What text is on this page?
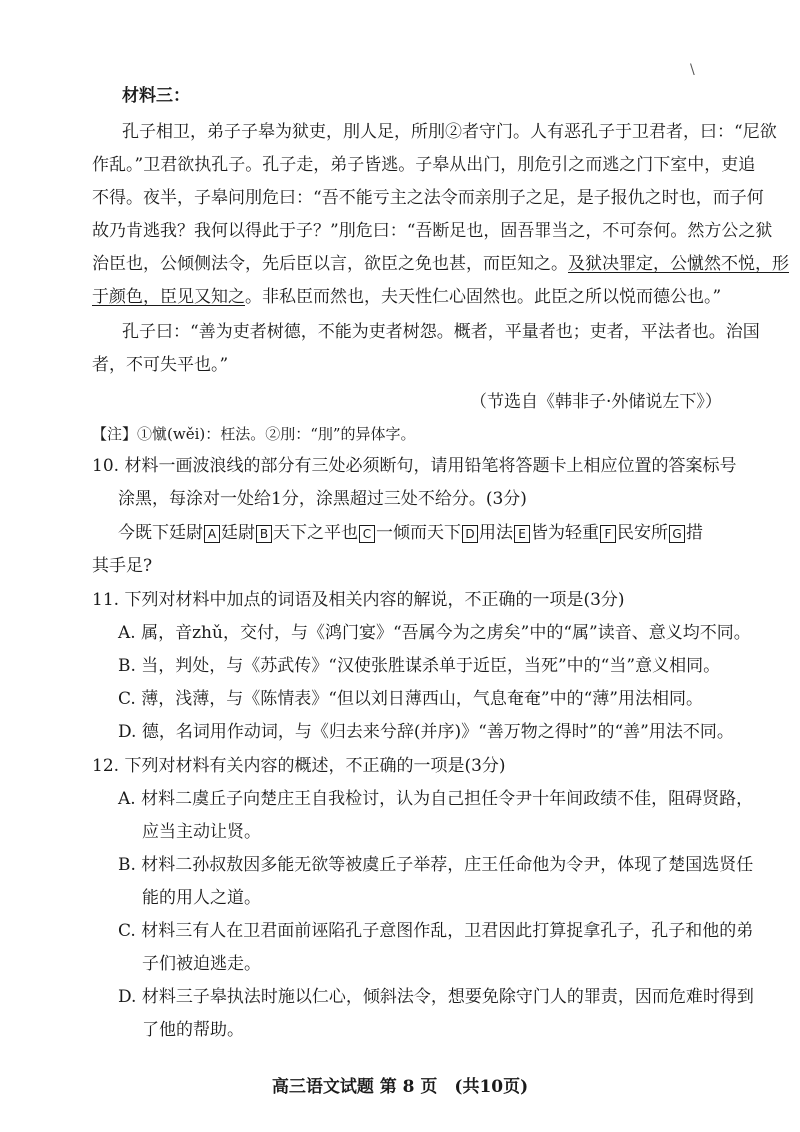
\
材料三：
孔子相卫，弟子子皋为狱吏，刖人足，所刖②者守门。人有恶孔子于卫君者，曰：“尼欲
作乱。”卫君欲执孔子。孔子走，弟子皆逃。子皋从出门，刖危引之而逃之门下室中，吏追
不得。夜半，子皋问刖危曰：“吾不能亏主之法令而亲刖子之足，是子报仇之时也，而子何
故乃肯逃我？我何以得此于子？”刖危曰：“吾断足也，固吾罪当之，不可奈何。然方公之狱
治臣也，公倾侧法令，先后臣以言，欲臣之免也甚，而臣知之。及狱决罪定，公憱然不悦，形
于颜色，臣见又知之。非私臣而然也，夫天性仁心固然也。此臣之所以悦而德公也。”
孔子曰：“善为吏者树德，不能为吏者树怨。概者，平量者也；吏者，平法者也。治国
者，不可失平也。”
（节选自《韩非子·外储说左下》）
【注】①憱(wěi)：枉法。②刖：“刖”的异体字。
10. 材料一画波浪线的部分有三处必须断句，请用铅笔将答题卡上相应位置的答案标号
涂黑，每涂对一处给1分，涂黑超过三处不给分。(3分)
今既下廷尉 A 廷尉 B 天下之平也 C 一倾而天下 D 用法 E 皆为轻重 F 民安所 G 措
其手足?
11. 下列对材料中加点的词语及相关内容的解说，不正确的一项是(3分)
A. 属，音zhǔ，交付，与《鸿门宴》“吾属今为之虏矣”中的“属”读音、意义均不同。
B. 当，判处，与《苏武传》“汉使张胜谋杀单于近臣，当死”中的“当”意义相同。
C. 薄，浅薄，与《陈情表》“但以刘日薄西山，气息奄奄”中的“薄”用法相同。
D. 德，名词用作动词，与《归去来兮辞(并序)》“善万物之得时”的“善”用法不同。
12. 下列对材料有关内容的概述，不正确的一项是(3分)
A. 材料二虞丘子向楚庄王自我检讨，认为自己担任令尹十年间政绩不佳，阻碍贤路，
应当主动让贤。
B. 材料二孙叔敖因多能无欲等被虞丘子举荐，庄王任命他为令尹，体现了楚国选贤任
能的用人之道。
C. 材料三有人在卫君面前诬陷孔子意图作乱，卫君因此打算捉拿孔子，孔子和他的弟
子们被迫逃走。
D. 材料三子皋执法时施以仁心，倾斜法令，想要免除守门人的罪责，因而危难时得到
了他的帮助。
高三语文试题 第 8 页　(共10页)
